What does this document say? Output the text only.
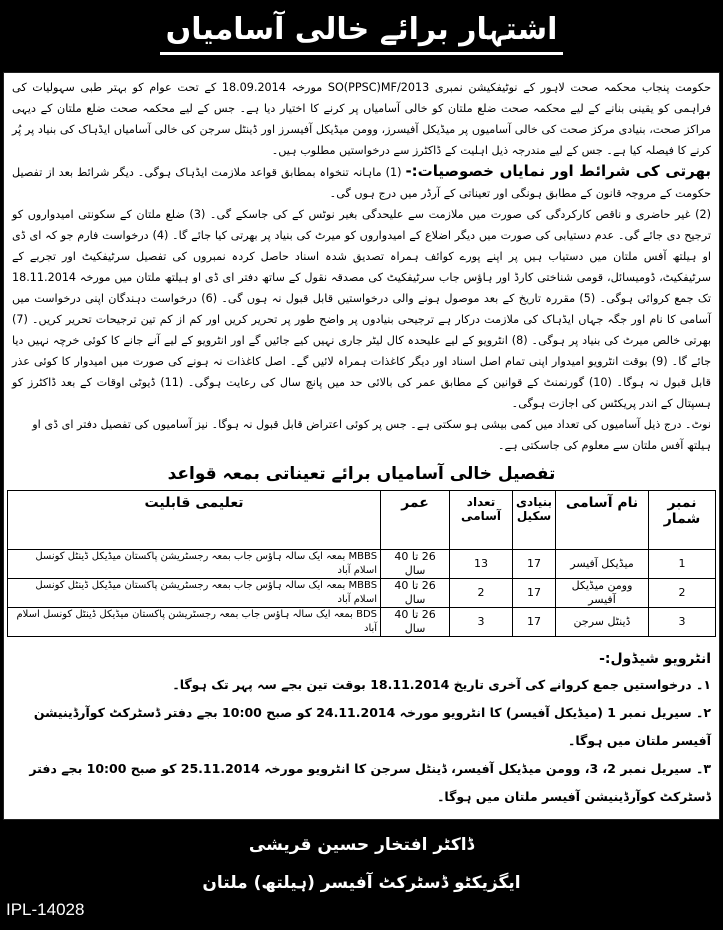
اشتہار برائے خالی آسامیاں
حکومت پنجاب محکمہ صحت لاہور کے نوٹیفکیشن نمبری SO(PPSC)MF/2013 مورخہ 18.09.2014 کے تحت عوام کو بہتر طبی سہولیات کی فراہمی کو یقینی بنانے کے لیے محکمہ صحت ضلع ملتان کو خالی آسامیاں پر کرنے کا اختیار دیا ہے۔ جس کے لیے محکمہ صحت ضلع ملتان کے دیہی مراکز صحت، بنیادی مرکز صحت کی خالی آسامیوں پر میڈیکل آفیسرز، وومن میڈیکل آفیسرز اور ڈینٹل سرجن کی خالی آسامیاں ایڈہاک کی بنیاد پر پُر کرنے کا فیصلہ کیا ہے۔ جس کے لیے مندرجہ ذیل اہلیت کے ڈاکٹرز سے درخواستیں مطلوب ہیں۔
بھرتی کی شرائط اور نمایاں خصوصیات:- (1) ماہانہ تنخواہ بمطابق قواعد ملازمت ایڈہاک ہوگی۔ دیگر شرائط بعد از تفصیل حکومت کے مروجہ قانون کے مطابق ہونگی اور تعیناتی کے آرڈر میں درج ہوں گی۔
(2) غیر حاضری و ناقص کارکردگی کی صورت میں ملازمت سے علیحدگی بغیر نوٹس کے کی جاسکے گی۔ (3) ضلع ملتان کے سکونتی امیدواروں کو ترجیح دی جائے گی۔ عدم دستیابی کی صورت میں دیگر اضلاع کے امیدواروں کو میرٹ کی بنیاد پر بھرتی کیا جائے گا۔ (4) درخواست فارم جو کہ ای ڈی او ہیلتھ آفس ملتان میں دستیاب ہیں پر اپنے پورے کوائف ہمراہ تصدیق شدہ اسناد حاصل کردہ نمبروں کی تفصیل سرٹیفکیٹ اور تجربے کے سرٹیفکیٹ، ڈومیسائل، قومی شناختی کارڈ اور ہاؤس جاب سرٹیفکیٹ کی مصدقہ نقول کے ساتھ دفتر ای ڈی او ہیلتھ ملتان میں مورخہ 18.11.2014 تک جمع کروائی ہوگی۔ (5) مقررہ تاریخ کے بعد موصول ہونے والی درخواستیں قابل قبول نہ ہوں گی۔ (6) درخواست دہندگان اپنی درخواست میں آسامی کا نام اور جگہ جہاں ایڈہاک کی ملازمت درکار ہے ترجیحی بنیادوں پر واضح طور پر تحریر کریں اور کم از کم تین ترجیحات تحریر کریں۔ (7) بھرتی خالص میرٹ کی بنیاد پر ہوگی۔ (8) انٹرویو کے لیے علیحدہ کال لیٹر جاری نہیں کیے جائیں گے اور انٹرویو کے لیے آنے جانے کا کوئی خرچہ نہیں دیا جائے گا۔ (9) بوقت انٹرویو امیدوار اپنی تمام اصل اسناد اور دیگر کاغذات ہمراہ لائیں گے۔ اصل کاغذات نہ ہونے کی صورت میں امیدوار کا کوئی عذر قابل قبول نہ ہوگا۔ (10) گورنمنٹ کے قوانین کے مطابق عمر کی بالائی حد میں پانچ سال کی رعایت ہوگی۔ (11) ڈیوٹی اوقات کے بعد ڈاکٹرز کو ہسپتال کے اندر پریکٹس کی اجازت ہوگی۔
نوٹ۔ درج ذیل آسامیوں کی تعداد میں کمی بیشی ہو سکتی ہے۔ جس پر کوئی اعتراض قابل قبول نہ ہوگا۔ نیز آسامیوں کی تفصیل دفتر ای ڈی او ہیلتھ آفس ملتان سے معلوم کی جاسکتی ہے۔
تفصیل خالی آسامیاں برائے تعیناتی بمعہ قواعد
نمبر شمار	نام آسامی	بنیادی سکیل	تعداد آسامی	عمر	تعلیمی قابلیت
1	میڈیکل آفیسر	17	13	26 تا 40 سال	MBBS بمعہ ایک سالہ ہاؤس جاب بمعہ رجسٹریشن پاکستان میڈیکل ڈینٹل کونسل اسلام آباد
2	وومن میڈیکل آفیسر	17	2	26 تا 40 سال	MBBS بمعہ ایک سالہ ہاؤس جاب بمعہ رجسٹریشن پاکستان میڈیکل ڈینٹل کونسل اسلام آباد
3	ڈینٹل سرجن	17	3	26 تا 40 سال	BDS بمعہ ایک سالہ ہاؤس جاب بمعہ رجسٹریشن پاکستان میڈیکل ڈینٹل کونسل اسلام آباد
انٹرویو شیڈول:-
۱۔ درخواستیں جمع کروانے کی آخری تاریخ 18.11.2014 بوقت تین بجے سہ پہر تک ہوگا۔
۲۔ سیریل نمبر 1 (میڈیکل آفیسر) کا انٹرویو مورخہ 24.11.2014 کو صبح 10:00 بجے دفتر ڈسٹرکٹ کوآرڈینیشن آفیسر ملتان میں ہوگا۔
۳۔ سیریل نمبر 2، 3، وومن میڈیکل آفیسر، ڈینٹل سرجن کا انٹرویو مورخہ 25.11.2014 کو صبح 10:00 بجے دفتر ڈسٹرکٹ کوآرڈینیشن آفیسر ملتان میں ہوگا۔
ڈاکٹر افتخار حسین قریشی
ایگزیکٹو ڈسٹرکٹ آفیسر (ہیلتھ) ملتان
IPL-14028
